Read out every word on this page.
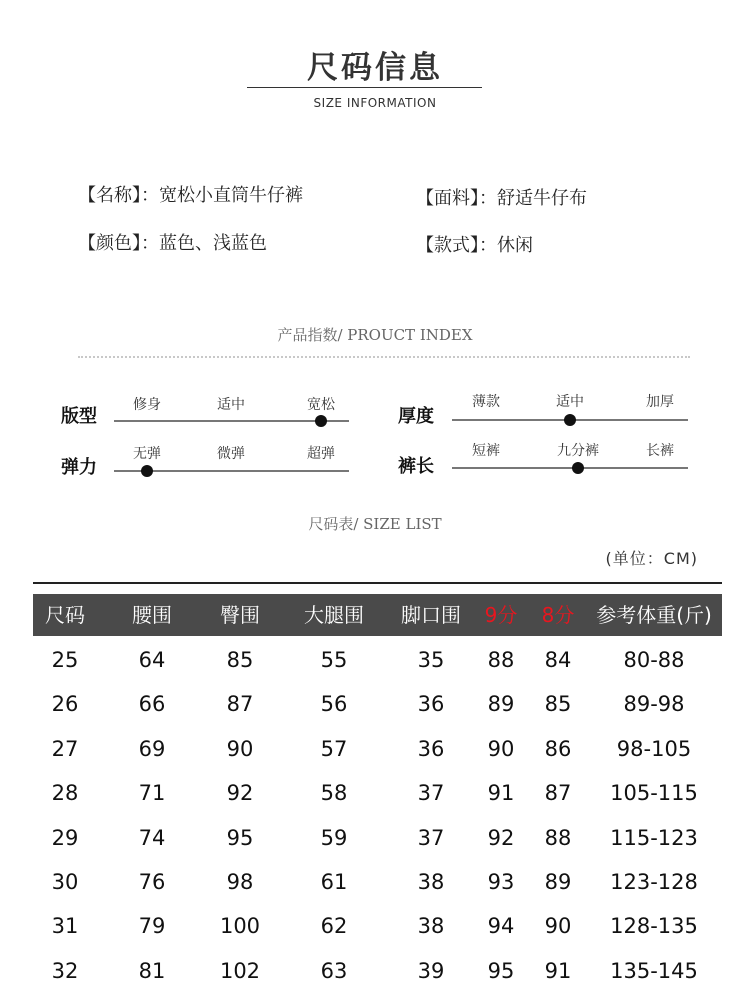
尺码信息
SIZE INFORMATION
【名称】：宽松小直筒牛仔裤	【面料】：舒适牛仔布
【颜色】：蓝色、浅蓝色	【款式】：休闲
产品指数/ PROUCT INDEX
版型
修身	适中	宽松
弹力
无弹	微弹	超弹
厚度
薄款	适中	加厚
裤长
短裤	九分裤	长裤
尺码表/ SIZE LIST
(单位：CM)
尺码 腰围 臀围 大腿围 脚口围 9分 8分 参考体重(斤)
25	64	85	55	35 88 84 80-88
26	66	87	56	36 89 85 89-98
27	69	90	57	36 90 86 98-105
28	71	92	58	37 91 87 105-115
29	74	95	59	37 92 88 115-123
30	76	98	61	38 93 89 123-128
31	79	100	62	38 94 90 128-135
32	81	102	63	39 95 91 135-145
